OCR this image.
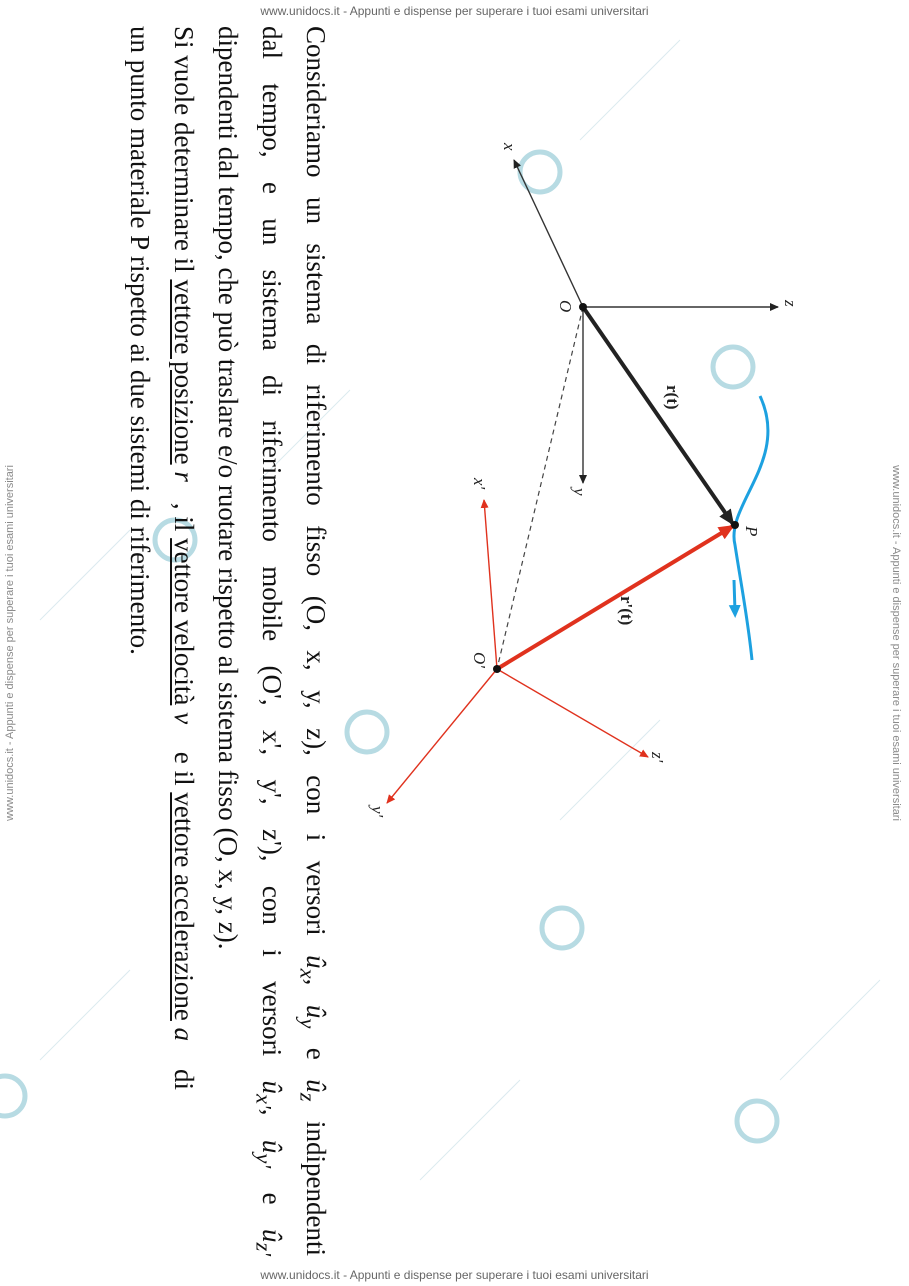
www.unidocs.it - Appunti e dispense per superare i tuoi esami universitari
www.unidocs.it - Appunti e dispense per superare i tuoi esami universitari
www.unidocs.it - Appunti e dispense per superare i tuoi esami universitari	www.unidocs.it - Appunti e dispense per superare i tuoi esami universitari
x
z
y
O
P
r(t)
r'(t)
O'
x'
z'
y'
Consideriamo un sistema di riferimento fisso (O, x, y, z), con i versori $û_x$, $û_y$ e $û_z$ indipendenti
dal tempo, e un sistema di riferimento mobile (O', x', y', z'), con i versori $û_{x'}$, $û_{y'}$ e $û_{z'}$
dipendenti dal tempo, che può traslare e/o ruotare rispetto al sistema fisso (O, x, y, z).
Si vuole determinare il vettore posizione r⃗, il vettore velocità v⃗ e il vettore accelerazione a⃗ di
un punto materiale P rispetto ai due sistemi di riferimento.
